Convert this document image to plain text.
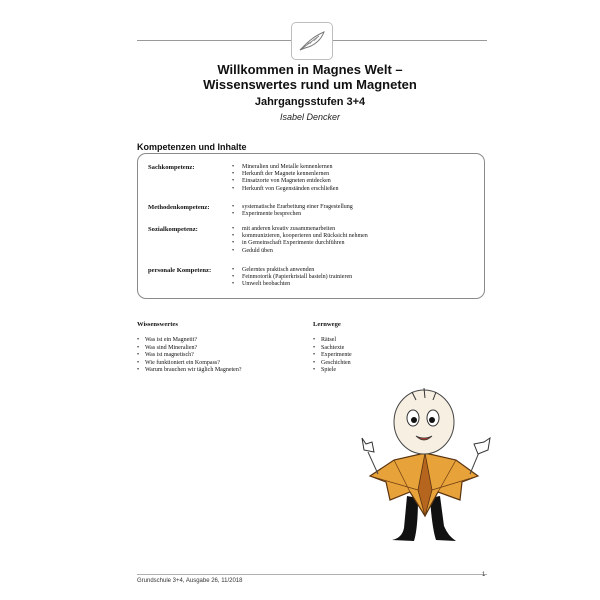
Willkommen in Magnes Welt –
Wissenswertes rund um Magneten
Jahrgangsstufen 3+4
Isabel Dencker
Kompetenzen und Inhalte
Sachkompetenz:	• Mineralien und Metalle kennenlernen
• Herkunft der Magnete kennenlernen
• Einsatzorte von Magneten entdecken
• Herkunft von Gegenständen erschließen
Methodenkompetenz:	• systematische Erarbeitung einer Fragestellung
• Experimente besprechen
Sozialkompetenz:	• mit anderen kreativ zusammenarbeiten
• kommunizieren, kooperieren und Rücksicht nehmen
• in Gemeinschaft Experimente durchführen
• Geduld üben
personale Kompetenz:	• Gelerntes praktisch anwenden
• Feinmotorik (Papierkristall basteln) trainieren
• Umwelt beobachten
Wissenswertes
• Was ist ein Magnetit?
• Was sind Mineralien?
• Was ist magnetisch?
• Wie funktioniert ein Kompass?
• Warum brauchen wir täglich Magneten?
Lernwege
• Rätsel
• Sachtexte
• Experimente
• Geschichten
• Spiele
Grundschule 3+4, Ausgabe 26, 11/2018
1
